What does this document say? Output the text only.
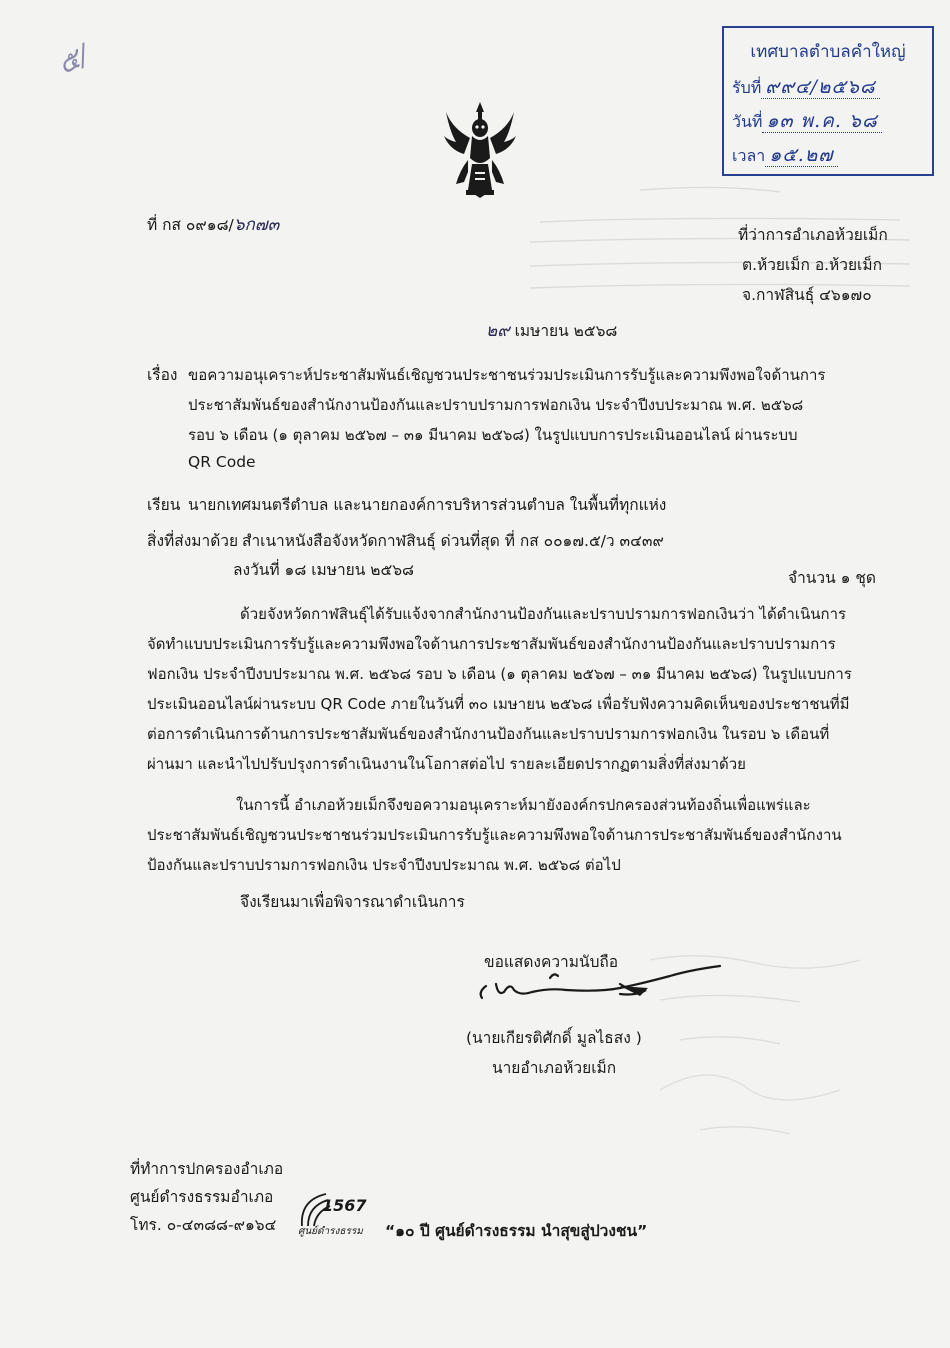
๕/	เทศบาลตำบลคำใหญ่
รับที่ ๙๙๔/๒๕๖๘
วันที่ ๑๓ พ.ค. ๖๘
เวลา ๑๕.๒๗
ที่ กส ๐๙๑๘/๖ก๗๓	ที่ว่าการอำเภอห้วยเม็ก
ต.ห้วยเม็ก อ.ห้วยเม็ก
จ.กาฬสินธุ์ ๔๖๑๗๐
๒๙ เมษายน ๒๕๖๘
เรื่อง ขอความอนุเคราะห์ประชาสัมพันธ์เชิญชวนประชาชนร่วมประเมินการรับรู้และความพึงพอใจด้านการ
ประชาสัมพันธ์ของสำนักงานป้องกันและปราบปรามการฟอกเงิน ประจำปีงบประมาณ พ.ศ. ๒๕๖๘
รอบ ๖ เดือน (๑ ตุลาคม ๒๕๖๗ – ๓๑ มีนาคม ๒๕๖๘) ในรูปแบบการประเมินออนไลน์ ผ่านระบบ
QR Code
เรียน นายกเทศมนตรีตำบล และนายกองค์การบริหารส่วนตำบล ในพื้นที่ทุกแห่ง
สิ่งที่ส่งมาด้วย สำเนาหนังสือจังหวัดกาฬสินธุ์ ด่วนที่สุด ที่ กส ๐๐๑๗.๕/ว ๓๔๓๙
ลงวันที่ ๑๘ เมษายน ๒๕๖๘	จำนวน ๑ ชุด
ด้วยจังหวัดกาฬสินธุ์ได้รับแจ้งจากสำนักงานป้องกันและปราบปรามการฟอกเงินว่า ได้ดำเนินการ
จัดทำแบบประเมินการรับรู้และความพึงพอใจด้านการประชาสัมพันธ์ของสำนักงานป้องกันและปราบปรามการ
ฟอกเงิน ประจำปีงบประมาณ พ.ศ. ๒๕๖๘ รอบ ๖ เดือน (๑ ตุลาคม ๒๕๖๗ – ๓๑ มีนาคม ๒๕๖๘) ในรูปแบบการ
ประเมินออนไลน์ผ่านระบบ QR Code ภายในวันที่ ๓๐ เมษายน ๒๕๖๘ เพื่อรับฟังความคิดเห็นของประชาชนที่มี
ต่อการดำเนินการด้านการประชาสัมพันธ์ของสำนักงานป้องกันและปราบปรามการฟอกเงิน ในรอบ ๖ เดือนที่
ผ่านมา และนำไปปรับปรุงการดำเนินงานในโอกาสต่อไป รายละเอียดปรากฏตามสิ่งที่ส่งมาด้วย
ในการนี้ อำเภอห้วยเม็กจึงขอความอนุเคราะห์มายังองค์กรปกครองส่วนท้องถิ่นเพื่อแพร่และ
ประชาสัมพันธ์เชิญชวนประชาชนร่วมประเมินการรับรู้และความพึงพอใจด้านการประชาสัมพันธ์ของสำนักงาน
ป้องกันและปราบปรามการฟอกเงิน ประจำปีงบประมาณ พ.ศ. ๒๕๖๘ ต่อไป
จึงเรียนมาเพื่อพิจารณาดำเนินการ
ขอแสดงความนับถือ
(นายเกียรติศักดิ์ มูลไธสง )
นายอำเภอห้วยเม็ก
ที่ทำการปกครองอำเภอ
ศูนย์ดำรงธรรมอำเภอ
โทร. ๐-๔๓๘๘-๙๑๖๔
1567
ศูนย์ดำรงธรรม “๑๐ ปี ศูนย์ดำรงธรรม นำสุขสู่ปวงชน”
